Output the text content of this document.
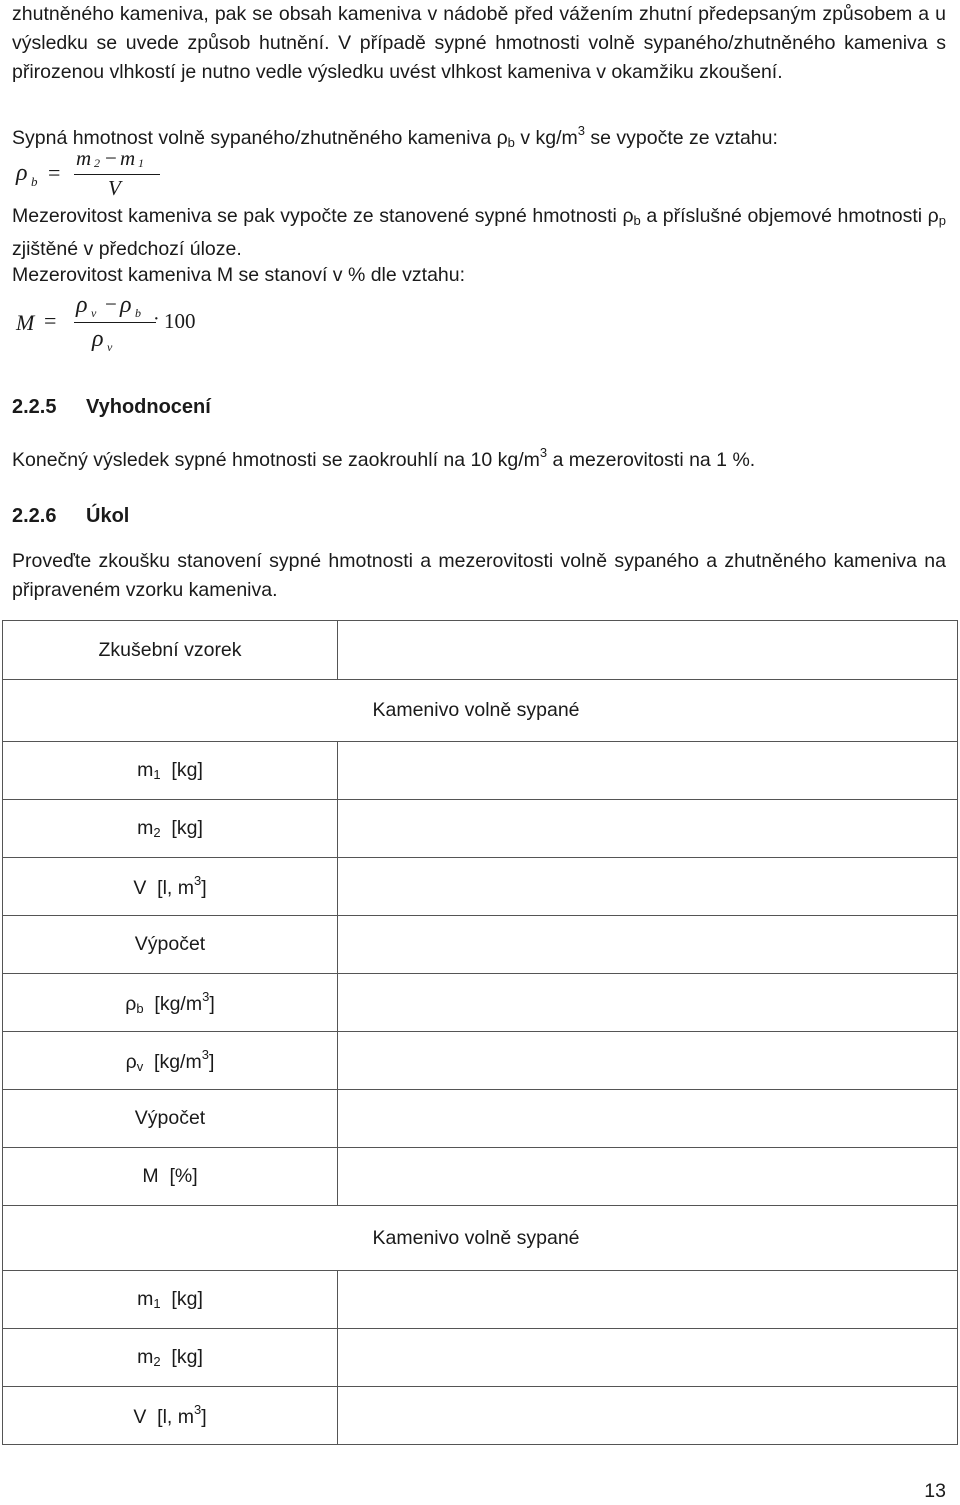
zhutněného kameniva, pak se obsah kameniva v nádobě před vážením zhutní předepsaným způsobem a u výsledku se uvede způsob hutnění. V případě sypné hmotnosti volně sypaného/zhutněného kameniva s přirozenou vlhkostí je nutno vedle výsledku uvést vlhkost kameniva v okamžiku zkoušení.
Sypná hmotnost volně sypaného/zhutněného kameniva $\rho_b$ v $kg/m^3$ se vypočte ze vztahu:
ρ b =
m 2 − m 1
V
Mezerovitost kameniva se pak vypočte ze stanovené sypné hmotnosti $\rho_b$ a příslušné objemové hmotnosti $\rho_p$ zjištěné v předchozí úloze.
Mezerovitost kameniva M se stanoví v % dle vztahu:
M =
ρ v − ρ b · 100
ρ v
2.2.5 Vyhodnocení
Konečný výsledek sypné hmotnosti se zaokrouhlí na 10 $kg/m^3$ a mezerovitosti na 1 %.
2.2.6 Úkol
Proveďte zkoušku stanovení sypné hmotnosti a mezerovitosti volně sypaného a zhutněného kameniva na připraveném vzorku kameniva.
Zkušební vzorek	
Kamenivo volně sypané	
$m_1$  [kg]	
$m_2$  [kg]	
V  [l, $m^3$]	
Výpočet	
$\rho_b$  $[kg/m^3]$	
$\rho_v$  $[kg/m^3]$	
Výpočet	
M  [%]	
Kamenivo volně sypané	
$m_1$  [kg]	
$m_2$  [kg]	
V  [l, $m^3$]	
13
